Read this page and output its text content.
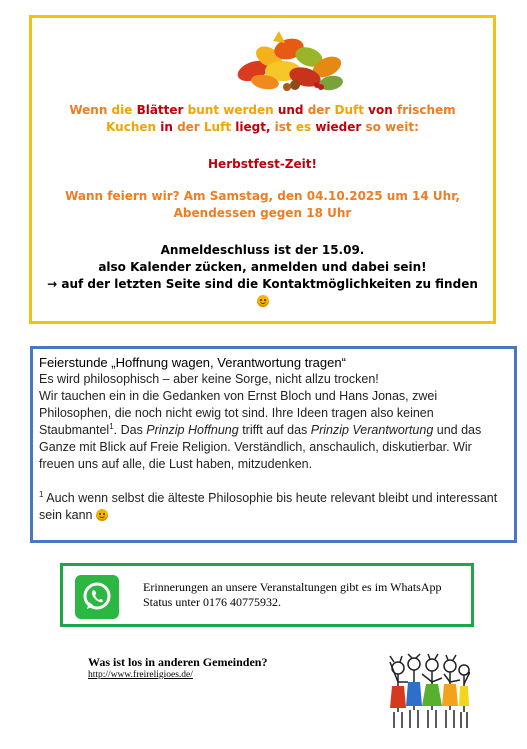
Wenn die Blätter bunt werden und der Duft von frischem
Kuchen in der Luft liegt, ist es wieder so weit:
Herbstfest-Zeit!
Wann feiern wir? Am Samstag, den 04.10.2025 um 14 Uhr,
Abendessen gegen 18 Uhr
Anmeldeschluss ist der 15.09.
also Kalender zücken, anmelden und dabei sein!
→ auf der letzten Seite sind die Kontaktmöglichkeiten zu finden

Feierstunde „Hoffnung wagen, Verantwortung tragen“

Es wird philosophisch – aber keine Sorge, nicht allzu trocken!

Wir tauchen ein in die Gedanken von Ernst Bloch und Hans Jonas, zwei Philosophen, die noch nicht ewig tot sind. Ihre Ideen tragen also keinen Staubmantel$^1$. Das Prinzip Hoffnung trifft auf das Prinzip Verantwortung und das Ganze mit Blick auf Freie Religion. Verständlich, anschaulich, diskutierbar. Wir freuen uns auf alle, die Lust haben, mitzudenken.

$^1$ Auch wenn selbst die älteste Philosophie bis heute relevant bleibt und interessant sein kann

Erinnerungen an unsere Veranstaltungen gibt es im WhatsApp Status unter 0176 40775932.
Was ist los in anderen Gemeinden?
http://www.freireligioes.de/
